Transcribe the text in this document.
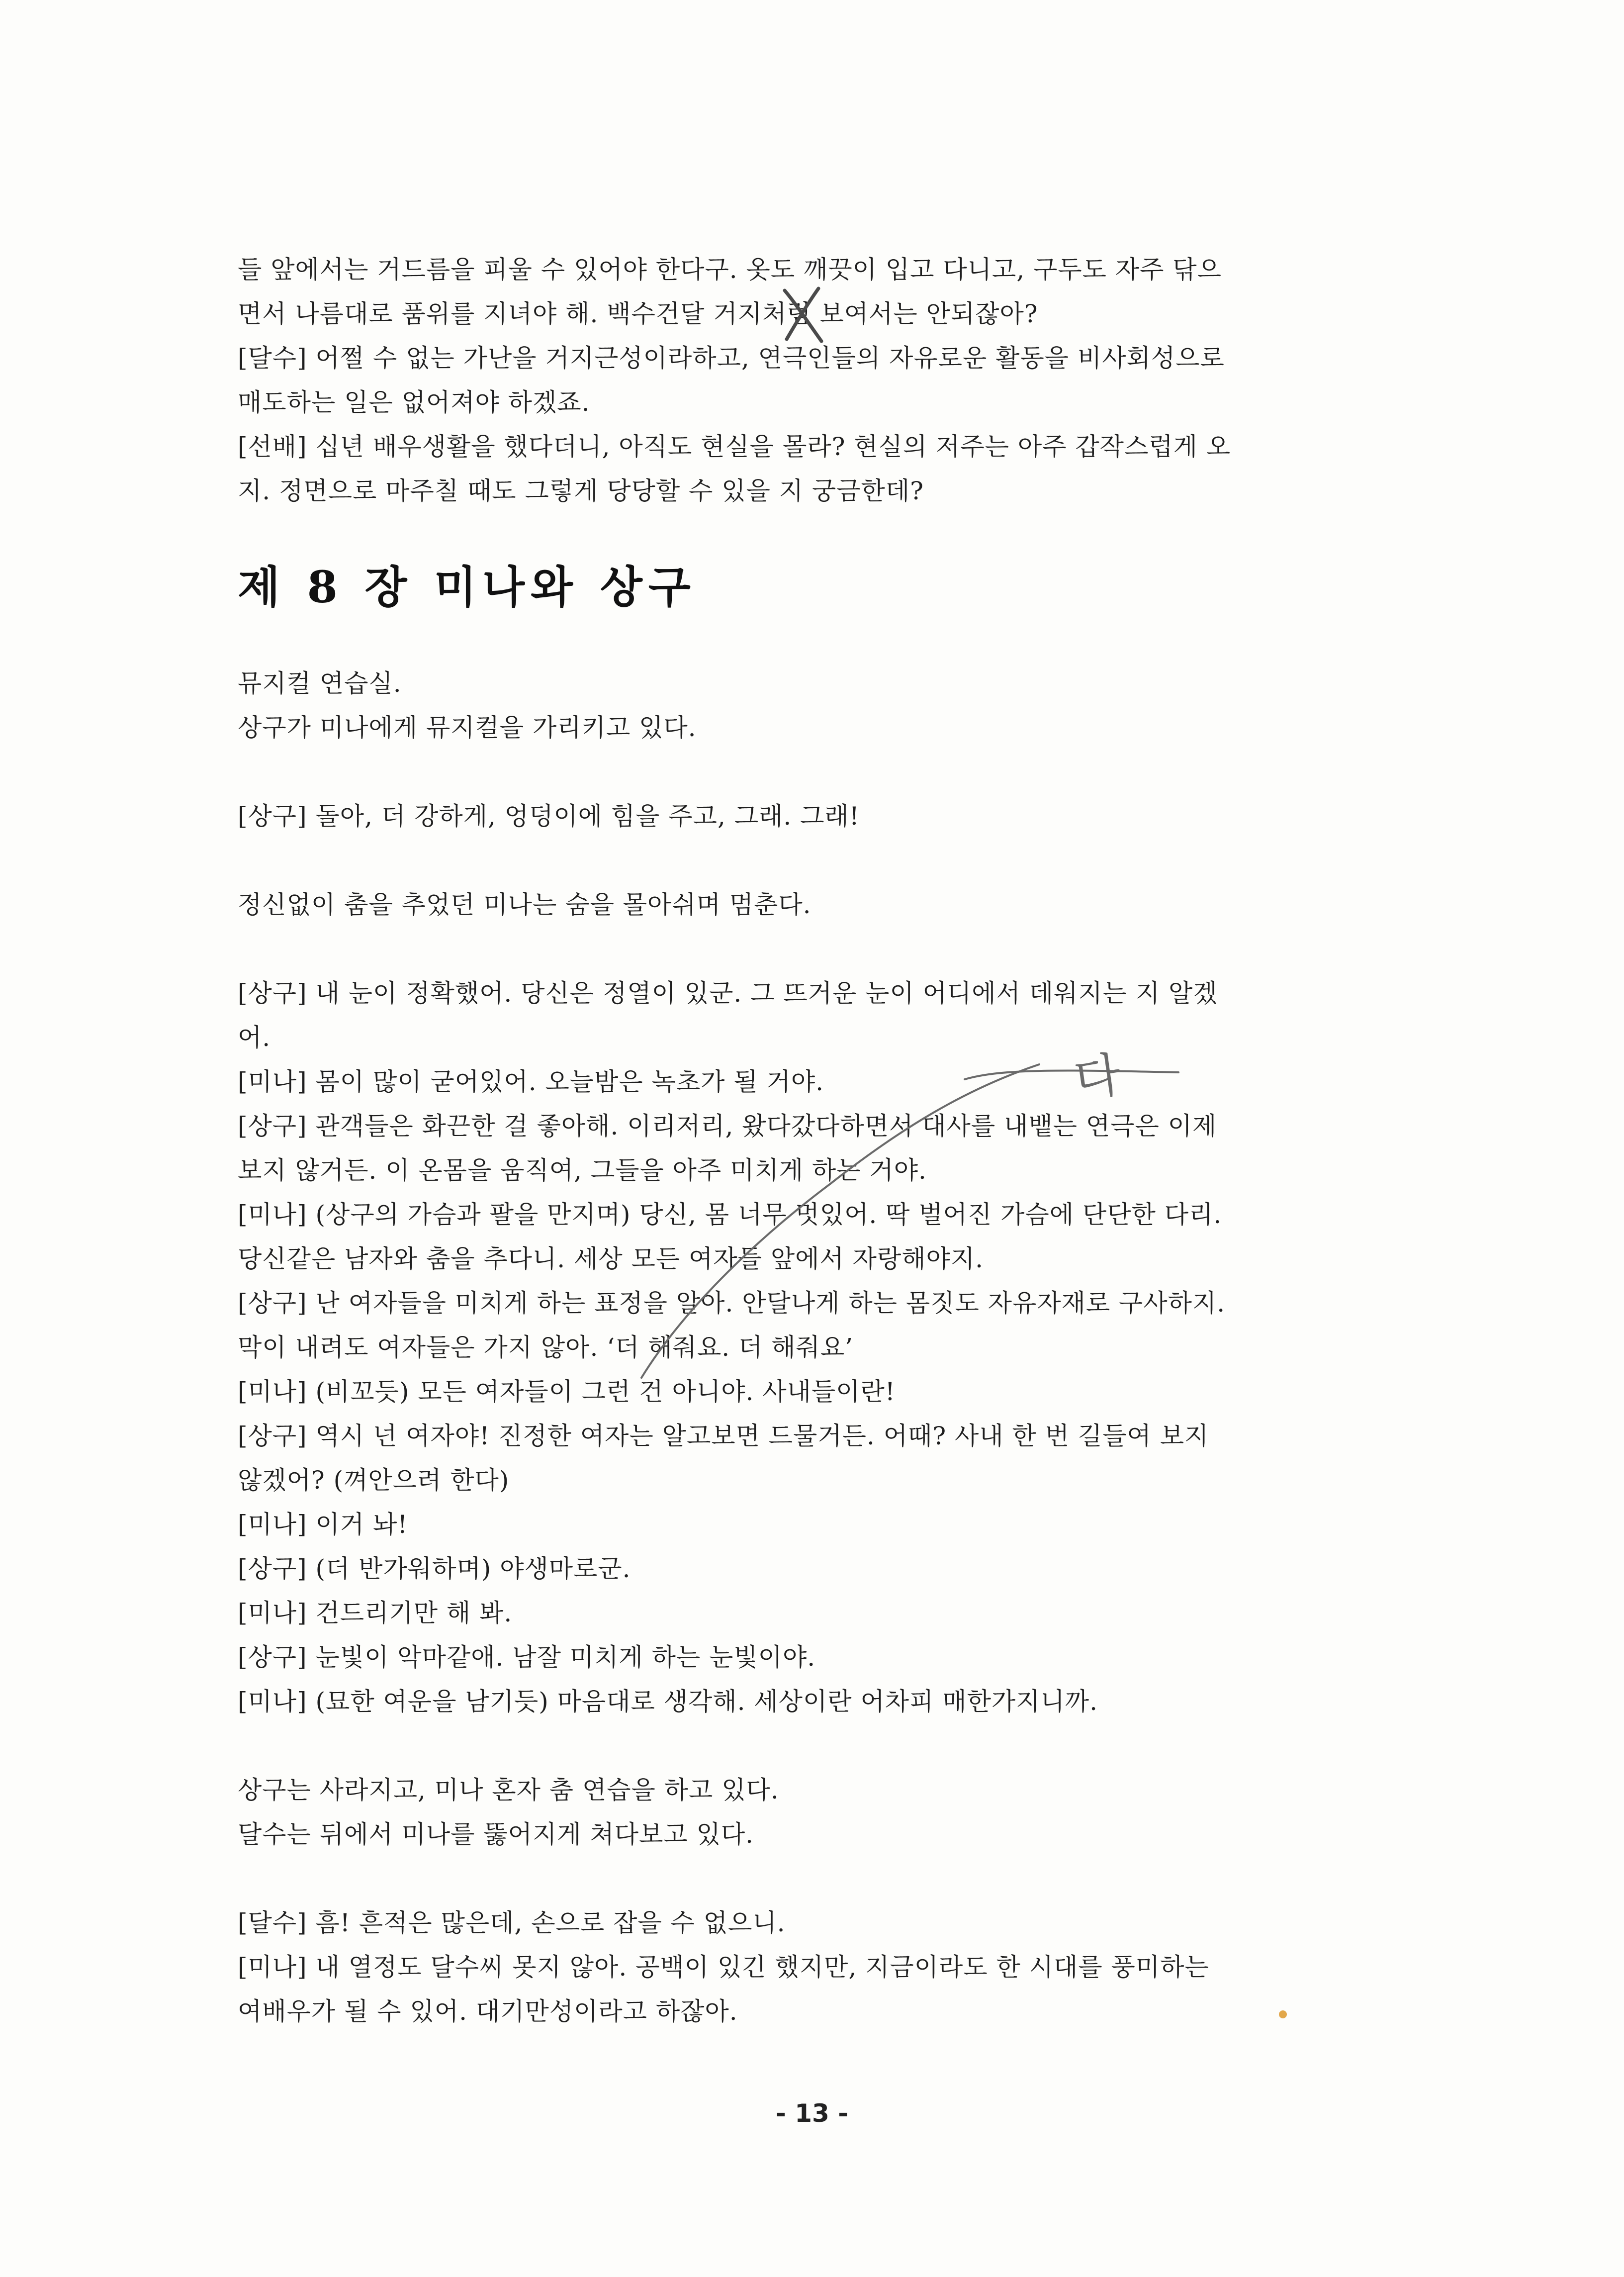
들 앞에서는 거드름을 피울 수 있어야 한다구. 옷도 깨끗이 입고 다니고, 구두도 자주 닦으
면서 나름대로 품위를 지녀야 해. 백수건달 거지처럼 보여서는 안되잖아?
[달수] 어쩔 수 없는 가난을 거지근성이라하고, 연극인들의 자유로운 활동을 비사회성으로
매도하는 일은 없어져야 하겠죠.
[선배] 십년 배우생활을 했다더니, 아직도 현실을 몰라? 현실의 저주는 아주 갑작스럽게 오
지. 정면으로 마주칠 때도 그렇게 당당할 수 있을 지 궁금한데?
제 8 장 미나와 상구
뮤지컬 연습실.
상구가 미나에게 뮤지컬을 가리키고 있다.
[상구] 돌아, 더 강하게, 엉덩이에 힘을 주고, 그래. 그래!
정신없이 춤을 추었던 미나는 숨을 몰아쉬며 멈춘다.
[상구] 내 눈이 정확했어. 당신은 정열이 있군. 그 뜨거운 눈이 어디에서 데워지는 지 알겠
어.
[미나] 몸이 많이 굳어있어. 오늘밤은 녹초가 될 거야.
[상구] 관객들은 화끈한 걸 좋아해. 이리저리, 왔다갔다하면서 대사를 내뱉는 연극은 이제
보지 않거든. 이 온몸을 움직여, 그들을 아주 미치게 하는 거야.
[미나] (상구의 가슴과 팔을 만지며) 당신, 몸 너무 멋있어. 딱 벌어진 가슴에 단단한 다리.
당신같은 남자와 춤을 추다니. 세상 모든 여자들 앞에서 자랑해야지.
[상구] 난 여자들을 미치게 하는 표정을 알아. 안달나게 하는 몸짓도 자유자재로 구사하지.
막이 내려도 여자들은 가지 않아. ‘더 해줘요. 더 해줘요’
[미나] (비꼬듯) 모든 여자들이 그런 건 아니야. 사내들이란!
[상구] 역시 넌 여자야! 진정한 여자는 알고보면 드물거든. 어때? 사내 한 번 길들여 보지
않겠어? (껴안으려 한다)
[미나] 이거 놔!
[상구] (더 반가워하며) 야생마로군.
[미나] 건드리기만 해 봐.
[상구] 눈빛이 악마같애. 남잘 미치게 하는 눈빛이야.
[미나] (묘한 여운을 남기듯) 마음대로 생각해. 세상이란 어차피 매한가지니까.
상구는 사라지고, 미나 혼자 춤 연습을 하고 있다.
달수는 뒤에서 미나를 뚫어지게 쳐다보고 있다.
[달수] 흠! 흔적은 많은데, 손으로 잡을 수 없으니.
[미나] 내 열정도 달수씨 못지 않아. 공백이 있긴 했지만, 지금이라도 한 시대를 풍미하는
여배우가 될 수 있어. 대기만성이라고 하잖아.
다
- 13 -
